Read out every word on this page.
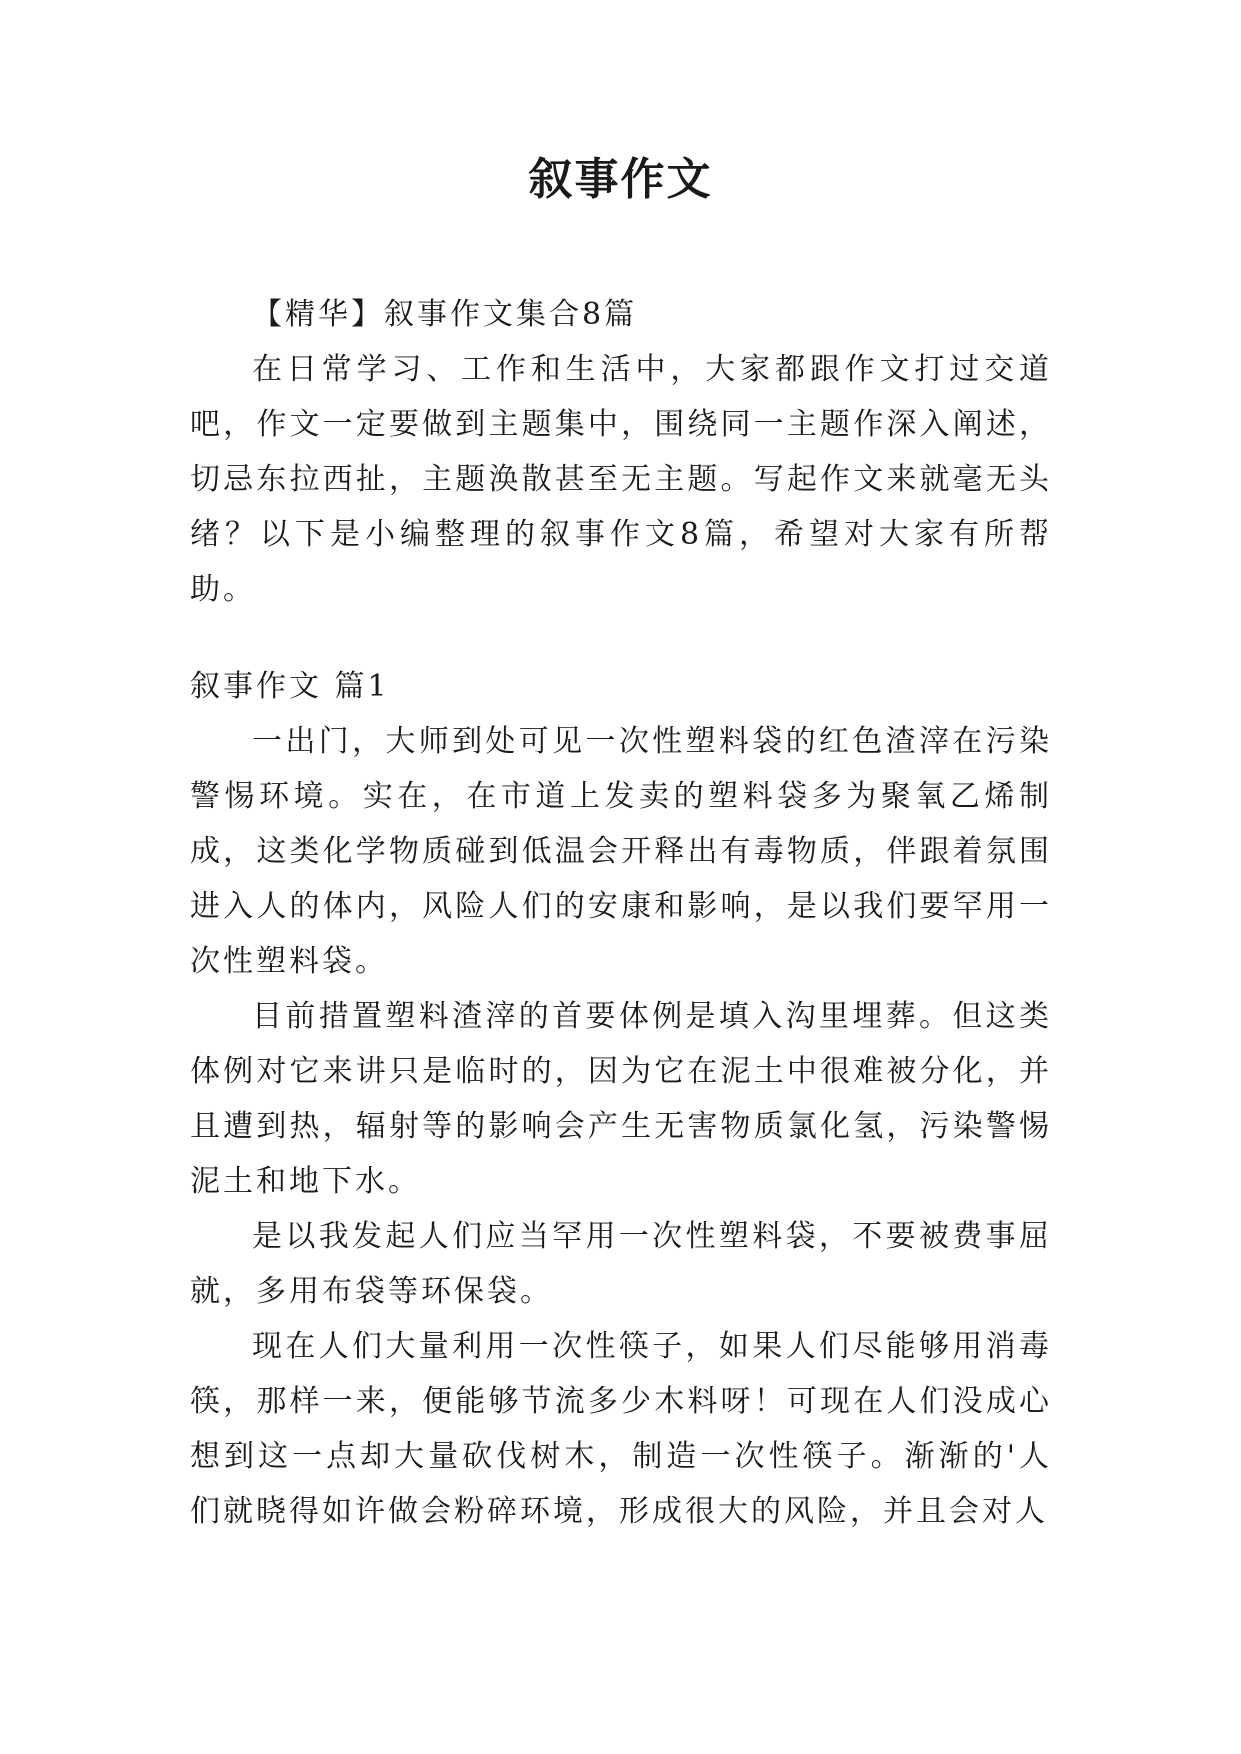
叙事作文

【精华】叙事作文集合8篇

在日常学习、工作和生活中，大家都跟作文打过交道吧，作文一定要做到主题集中，围绕同一主题作深入阐述，切忌东拉西扯，主题涣散甚至无主题。写起作文来就毫无头绪？以下是小编整理的叙事作文8篇，希望对大家有所帮助。

叙事作文 篇1

一出门，大师到处可见一次性塑料袋的红色渣滓在污染警惕环境。实在，在市道上发卖的塑料袋多为聚氧乙烯制成，这类化学物质碰到低温会开释出有毒物质，伴跟着氛围进入人的体内，风险人们的安康和影响，是以我们要罕用一次性塑料袋。

目前措置塑料渣滓的首要体例是填入沟里埋葬。但这类体例对它来讲只是临时的，因为它在泥土中很难被分化，并且遭到热，辐射等的影响会产生无害物质氯化氢，污染警惕泥土和地下水。

是以我发起人们应当罕用一次性塑料袋，不要被费事屈就，多用布袋等环保袋。

现在人们大量利用一次性筷子，如果人们尽能够用消毒筷，那样一来，便能够节流多少木料呀！可现在人们没成心想到这一点却大量砍伐树木，制造一次性筷子。渐渐的'人们就晓得如许做会粉碎环境，形成很大的风险，并且会对人
